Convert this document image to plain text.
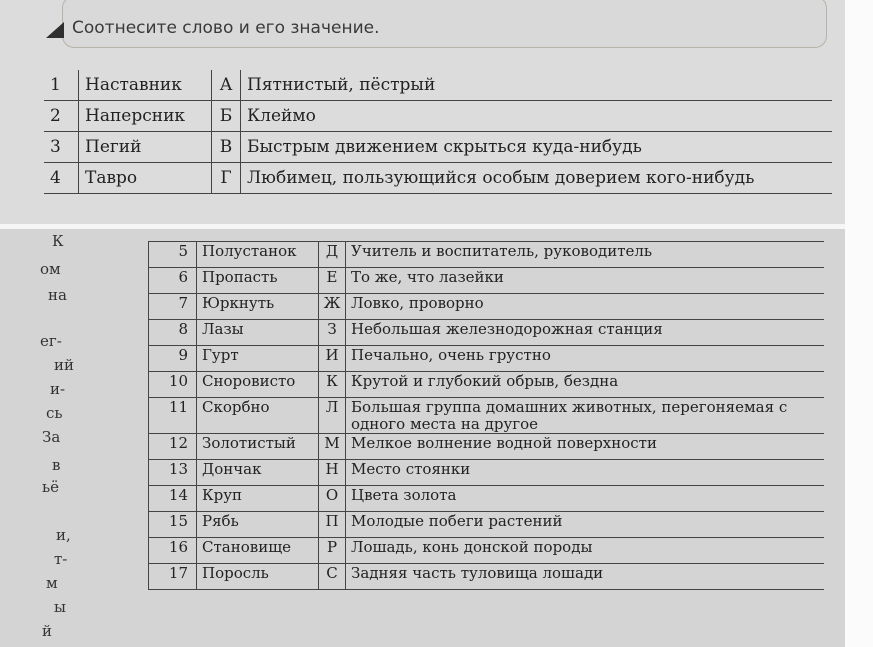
Соотнесите слово и его значение.
1	Наставник	А	Пятнистый, пёстрый
2	Наперсник	Б	Клеймо
3	Пегий	В	Быстрым движением скрыться куда-нибудь
4	Тавро	Г	Любимец, пользующийся особым доверием кого-нибудь
К
ом
на
ег-
ий
и-
сь
За
в
ьё
и,
т-
м
ы
й
5	Полустанок	Д	Учитель и воспитатель, руководитель
6	Пропасть	Е	То же, что лазейки
7	Юркнуть	Ж	Ловко, проворно
8	Лазы	З	Небольшая железнодорожная станция
9	Гурт	И	Печально, очень грустно
10	Сноровисто	К	Крутой и глубокий обрыв, бездна
11	Скорбно	Л	Большая группа домашних животных, перегоняемая с одного места на другое
12	Золотистый	М	Мелкое волнение водной поверхности
13	Дончак	Н	Место стоянки
14	Круп	О	Цвета золота
15	Рябь	П	Молодые побеги растений
16	Становище	Р	Лошадь, конь донской породы
17	Поросль	С	Задняя часть туловища лошади
